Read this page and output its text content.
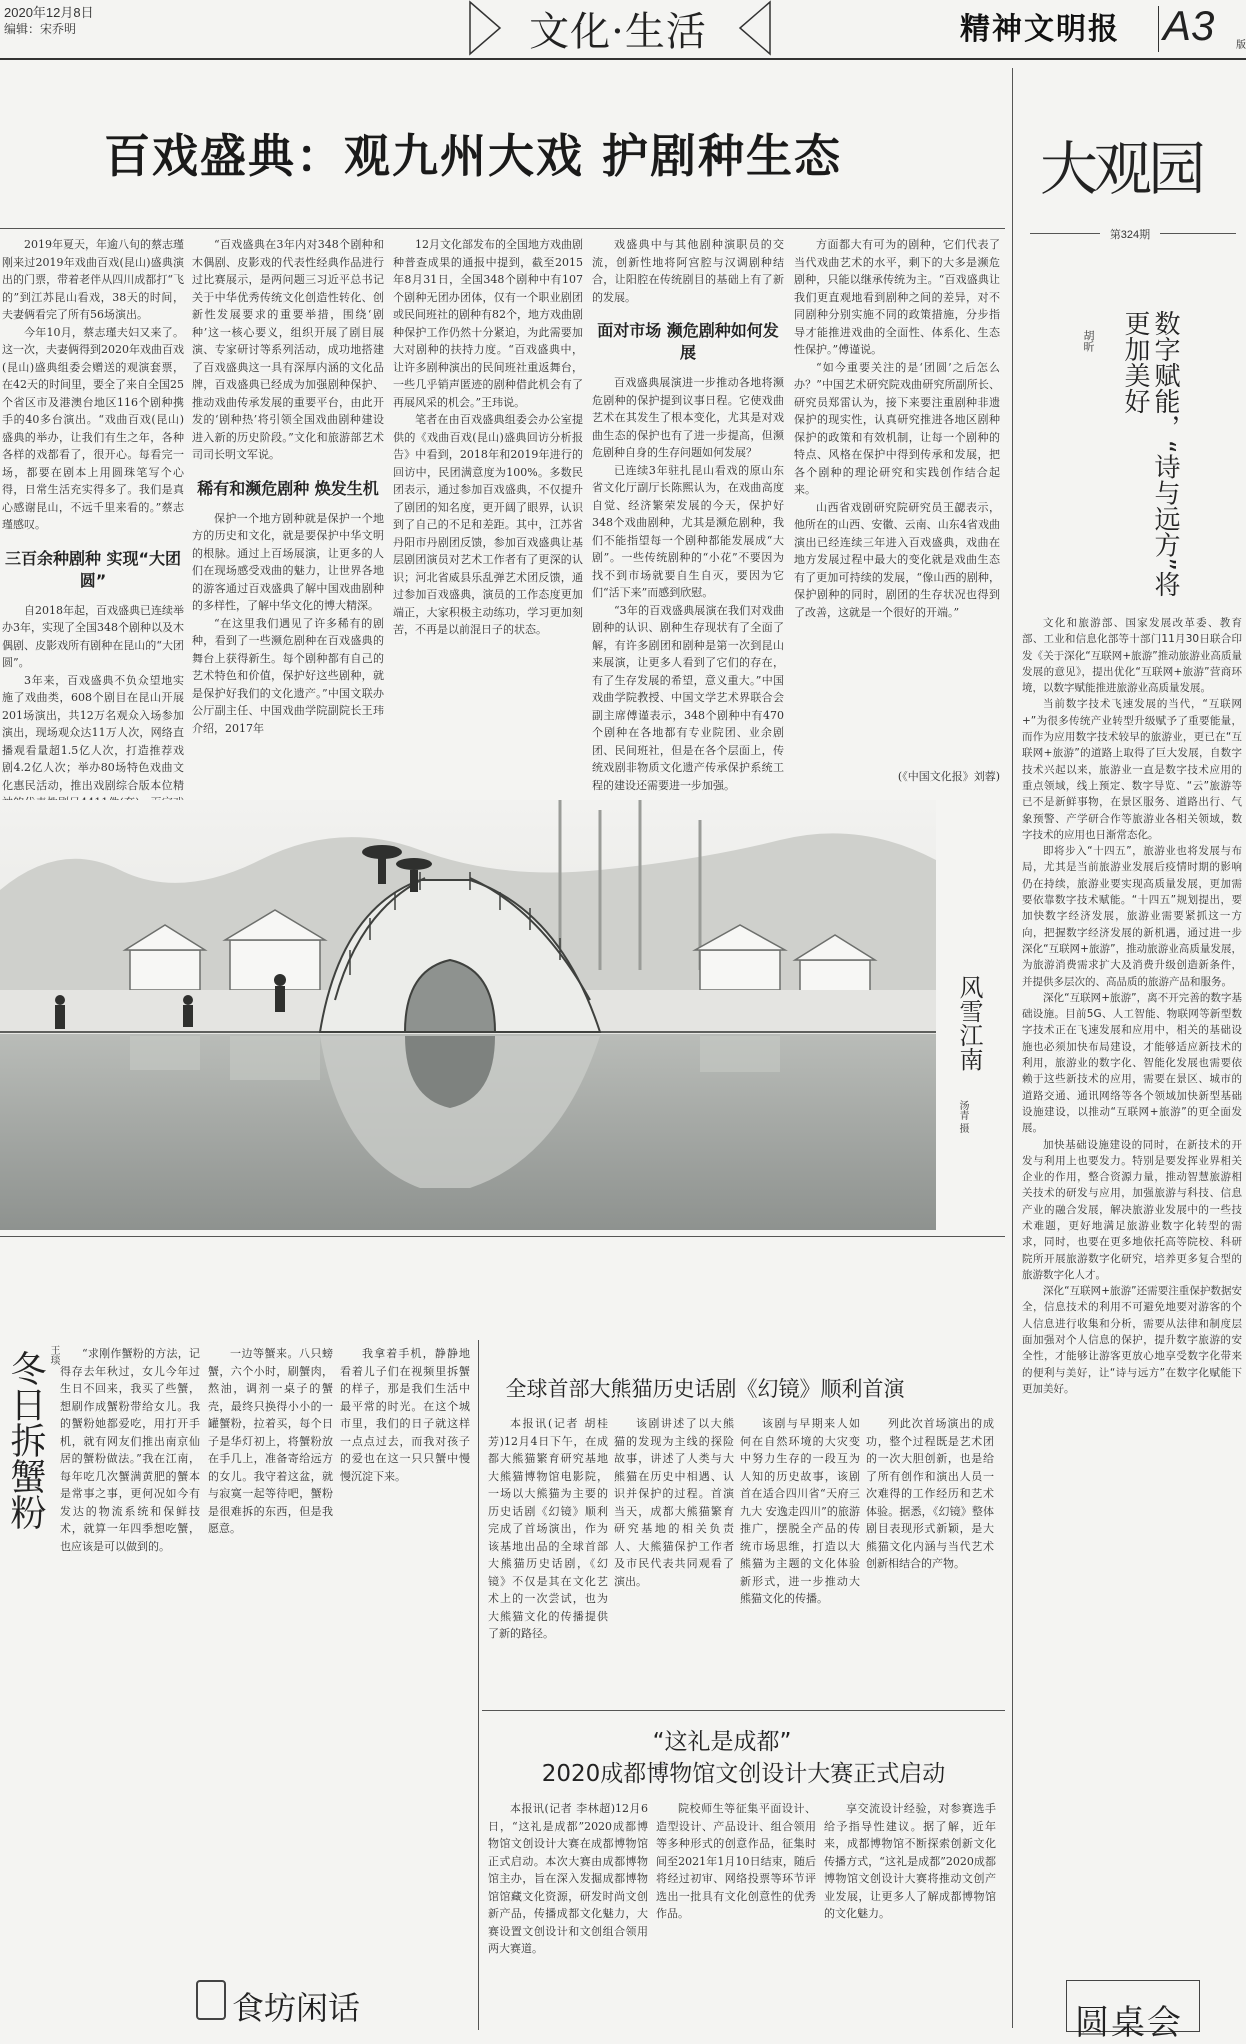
2020年12月8日
编辑：宋乔明	文化·生活	精神文明报 A3 版
百戏盛典：观九州大戏 护剧种生态

2019年夏天，年逾八旬的蔡志瑾刚来过2019年戏曲百戏(昆山)盛典演出的门票，带着老伴从四川成都打“飞的”到江苏昆山看戏，38天的时间，夫妻俩看完了所有56场演出。

今年10月，蔡志瑾夫妇又来了。这一次，夫妻俩得到2020年戏曲百戏(昆山)盛典组委会赠送的观演套票，在42天的时间里，要全了来自全国25个省区市及港澳台地区116个剧种携手的40多台演出。“戏曲百戏(昆山)盛典的举办，让我们有生之年，各种各样的戏都看了，很开心。每看完一场，都要在剧本上用圆珠笔写个心得，日常生活充实得多了。我们是真心感谢昆山，不远千里来看的。”蔡志瑾感叹。

三百余种剧种 实现“大团圆”

自2018年起，百戏盛典已连续举办3年，实现了全国348个剧种以及木偶剧、皮影戏所有剧种在昆山的“大团圆”。

3年来，百戏盛典不负众望地实施了戏曲类，608个剧目在昆山开展201场演出，共12万名观众入场参加演出，现场观众达11万人次，网络直播观看量超1.5亿人次，打造推荐戏剧4.2亿人次；举办80场特色戏曲文化惠民活动，推出戏剧综合版本位精

“百戏盛典在3年内对348个剧种和木偶剧、皮影戏的代表性经典作品进行过比赛展示，是两问题三习近平总书记关于中华优秀传统文化创造性转化、创新性发展要求的重要举措，围绕‘剧种’这一核心要义，组织开展了剧目展演、专家研讨等系列活动，成功地搭建了百戏盛典这一具有深厚内涵的文化品牌，百戏盛典已经成为加强剧种保护、推动戏曲传承发展的重要平台，由此开发的‘剧种热’将引领全国戏曲剧种建设进入新的历史阶段。”文化和旅游部艺术司司长明文军说。

稀有和濒危剧种 焕发生机

保护一个地方剧种就是保护一个地方的历史和文化，就是要保护中华文明的根脉。通过上百场展演，让更多的人们在现场感受戏曲的魅力，让世界各地的游客通过百戏盛典了解中国戏曲剧种的多样性，了解中华文化的博大精深。

“在这里我们遇见了许多稀有的剧种，看到了一些濒危剧种在百戏盛典的舞台上获得新生。每个剧种都有自己的艺术特色和价值，保护好这些剧种，就是保护好我们的文化遗产。”中国文联办公厅副主任、中国戏曲学院副院长王玮介绍，2017年

12月文化部发布的全国地方戏曲剧种普查成果的通报中提到，截至2015年8月31日，全国348个剧种中有107个剧种无团办团体，仅有一个职业剧团或民间班社的剧种有82个，地方戏曲剧种保护工作仍然十分紧迫，为此需要加大对剧种的扶持力度。“百戏盛典中，让许多剧种演出的民间班社重返舞台，一些几乎销声匿迹的剧种借此机会有了再展风采的机会。”王玮说。

笔者在由百戏盛典组委会办公室提供的《戏曲百戏(昆山)盛典回访分析报告》中看到，2018年和2019年进行的回访中，民团满意度为100%。多数民团表示，通过参加百戏盛典，不仅提升了剧团的知名度，更开阔了眼界，认识到了自己的不足和差距。其中，江苏省丹阳市丹剧团反馈，参加百戏盛典让基层剧团演员对艺术工作者有了更深的认识；河北省威县乐乱弹艺术团反馈，通过参加百戏盛典，演员的工作态度更加端正，大家积极主动练功，学习更加刻苦，不再是以前混日子的状态。

戏盛典中与其他剧种演职员的交流，创新性地将阿宫腔与汉调剧种结合，让阳腔在传统剧目的基础上有了新的发展。

面对市场 濒危剧种如何发展

百戏盛典展演进一步推动各地将濒危剧种的保护提到议事日程。它使戏曲艺术在其发生了根本变化，尤其是对戏曲生态的保护也有了进一步提高，但濒危剧种自身的生存问题如何发展？

已连续3年驻扎昆山看戏的原山东省文化厅副厅长陈熙认为，在戏曲高度自觉、经济繁荣发展的今天，保护好348个戏曲剧种，尤其是濒危剧种，我们不能指望每一个剧种都能发展成“大剧”。一些传统剧种的“小花”不要因为找不到市场就要自生自灭，要因为它们“活下来”而感到欣慰。

“3年的百戏盛典展演在我们对戏曲剧种的认识、剧种生存现状有了全面了解，有许多剧团和剧种是第一次到昆山来展演，让更多人看到了它们的存在，有了生存发展的希望，意义重大。”中国戏曲学院教授、中国文学艺术界联合会副主席傅谨表示，348个剧种中有470个剧种在各地都有专业院团、业余剧团、民间班社，但是在各个层面上，传统戏剧非物质文化遗产传承保护系统工程的建设还需要进一步加强。

方面都大有可为的剧种，它们代表了当代戏曲艺术的水平，剩下的大多是濒危剧种，只能以继承传统为主。“百戏盛典让我们更直观地看到剧种之间的差异，对不同剧种分别实施不同的政策措施，分步指导才能推进戏曲的全面性、体系化、生态性保护。”傅谨说。

“如今重要关注的是‘团圆’之后怎么办？”中国艺术研究院戏曲研究所副所长、研究员郑雷认为，接下来要注重剧种非遗保护的现实性，认真研究推进各地区剧种保护的政策和有效机制，让每一个剧种的特点、风格在保护中得到传承和发展，把各个剧种的理论研究和实践创作结合起来。

山西省戏剧研究院研究员王勰表示，他所在的山西、安徽、云南、山东4省戏曲演出已经连续三年进入百戏盛典，戏曲在地方发展过程中最大的变化就是戏曲生态有了更加可持续的发展，“像山西的剧种，保护剧种的同时，剧团的生存状况也得到了改善，这就是一个很好的开端。”

(《中国文化报》刘蓉)
大观园
第324期
数字赋能，“诗与远方”将更加美好
胡昕

文化和旅游部、国家发展改革委、教育部、工业和信息化部等十部门11月30日联合印发《关于深化“互联网+旅游”推动旅游业高质量发展的意见》，提出优化“互联网+旅游”营商环境，以数字赋能推进旅游业高质量发展。

当前数字技术飞速发展的当代，“互联网+”为很多传统产业转型升级赋予了重要能量，而作为应用数字技术较早的旅游业，更已在“互联网+旅游”的道路上取得了巨大发展，自数字技术兴起以来，旅游业一直是数字技术应用的重点领域，线上预定、数字导览、“云”旅游等已不是新鲜事物，在景区服务、道路出行、气象预警、产学研合作等旅游业各相关领域，数字技术的应用也日渐常态化。

即将步入“十四五”，旅游业也将发展与布局，尤其是当前旅游业发展后疫情时期的影响仍在持续，旅游业要实现高质量发展，更加需要依靠数字技术赋能。“十四五”规划提出，要加快数字经济发展，旅游业需要紧抓这一方向，把握数字经济发展的新机遇，通过进一步深化“互联网+旅游”，推动旅游业高质量发展，为旅游消费需求扩大及消费升级创造新条件，并提供多层次的、高品质的旅游产品和服务。

深化“互联网+旅游”，离不开完善的数字基础设施。目前5G、人工智能、物联网等新型数字技术正在飞速发展和应用中，相关的基础设施也必须加快布局建设，才能够适应新技术的利用，旅游业的数字化、智能化发展也需要依赖于这些新技术的应用，需要在景区、城市的道路交通、通讯网络等各个领域加快新型基础设施建设，以推动“互联网+旅游”的更全面发展。

加快基础设施建设的同时，在新技术的开发与利用上也要发力。特别是要发挥业界相关企业的作用，整合资源力量，推动智慧旅游相关技术的研发与应用，加强旅游与科技、信息产业的融合发展，解决旅游业发展中的一些技术难题，更好地满足旅游业数字化转型的需求，同时，也要在更多地依托高等院校、科研院所开展旅游数字化研究，培养更多复合型的旅游数字化人才。

深化“互联网+旅游”还需要注重保护数据安全，信息技术的利用不可避免地要对游客的个人信息进行收集和分析，需要从法律和制度层面加强对个人信息的保护，提升数字旅游的安全性，才能够让游客更放心地享受数字化带来的便利与美好，让“诗与远方”在数字化赋能下更加美好。

圆桌会
风雪江南
汤青 摄
冬日拆蟹粉 王琰	“求刚作蟹粉的方法，记得存去年秋过，女儿今年过生日不回来，我买了些蟹，想刷作成蟹粉带给女儿。我的蟹粉她都爱吃，用打开手机，就有网友们推出南京仙居的蟹粉做法。”我在江南，每年吃几次蟹满黄肥的蟹本是常事之事，更何况如今有发达的物流系统和保鲜技术，就算一年四季想吃蟹，也应该是可以做到的。

一边等蟹来。八只螃蟹，六个小时，刷蟹肉，熬油，调剂一桌子的蟹壳，最终只换得小小的一罐蟹粉，拉着买，每个日子是华灯初上，将蟹粉放在手几上，准备寄给远方的女儿。我守着这盆，就与寂寞一起等待吧，蟹粉是很难拆的东西，但是我愿意。

我拿着手机，静静地看着儿子们在视频里拆蟹的样子，那是我们生活中最平常的时光。在这个城市里，我们的日子就这样一点点过去，而我对孩子的爱也在这一只只蟹中慢慢沉淀下来。

食坊闲话
全球首部大熊猫历史话剧《幻镜》顺利首演

本报讯(记者 胡桂芳)12月4日下午，在成都大熊猫繁育研究基地大熊猫博物馆电影院，一场以大熊猫为主要的历史话剧《幻镜》顺利完成了首场演出，作为该基地出品的全球首部大熊猫历史话剧，《幻镜》不仅是其在文化艺术上的一次尝试，也为大熊猫文化的传播提供了新的路径。

该剧讲述了以大熊猫的发现为主线的探险故事，讲述了人类与大熊猫在历史中相遇、认识并保护的过程。首演当天，成都大熊猫繁育研究基地的相关负责人、大熊猫保护工作者及市民代表共同观看了演出。

该剧与早期来人如何在自然环境的大灾变中努力生存的一段互为人知的历史故事，该剧首在适合四川省“天府三九大 安逸走四川”的旅游推广，摆脱全产品的传统市场思维，打造以大熊猫为主题的文化体验新形式，进一步推动大熊猫文化的传播。

列此次首场演出的成功，整个过程既是艺术团的一次大胆创新，也是给了所有创作和演出人员一次难得的工作经历和艺术体验。据悉，《幻镜》整体剧目表现形式新颖，是大熊猫文化内涵与当代艺术创新相结合的产物。

“这礼是成都”
2020成都博物馆文创设计大赛正式启动

本报讯(记者 李林超)12月6日，“这礼是成都”2020成都博物馆文创设计大赛在成都博物馆正式启动。本次大赛由成都博物馆主办，旨在深入发掘成都博物馆馆藏文化资源，研发时尚文创新产品，传播成都文化魅力，大赛设置文创设计和文创组合领用两大赛道。

院校师生等征集平面设计、造型设计、产品设计、组合领用等多种形式的创意作品，征集时间至2021年1月10日结束，随后将经过初审、网络投票等环节评选出一批具有文化创意性的优秀作品。

享交流设计经验，对参赛选手给予指导性建议。据了解，近年来，成都博物馆不断探索创新文化传播方式，“这礼是成都”2020成都博物馆文创设计大赛将推动文创产业发展，让更多人了解成都博物馆的文化魅力。
